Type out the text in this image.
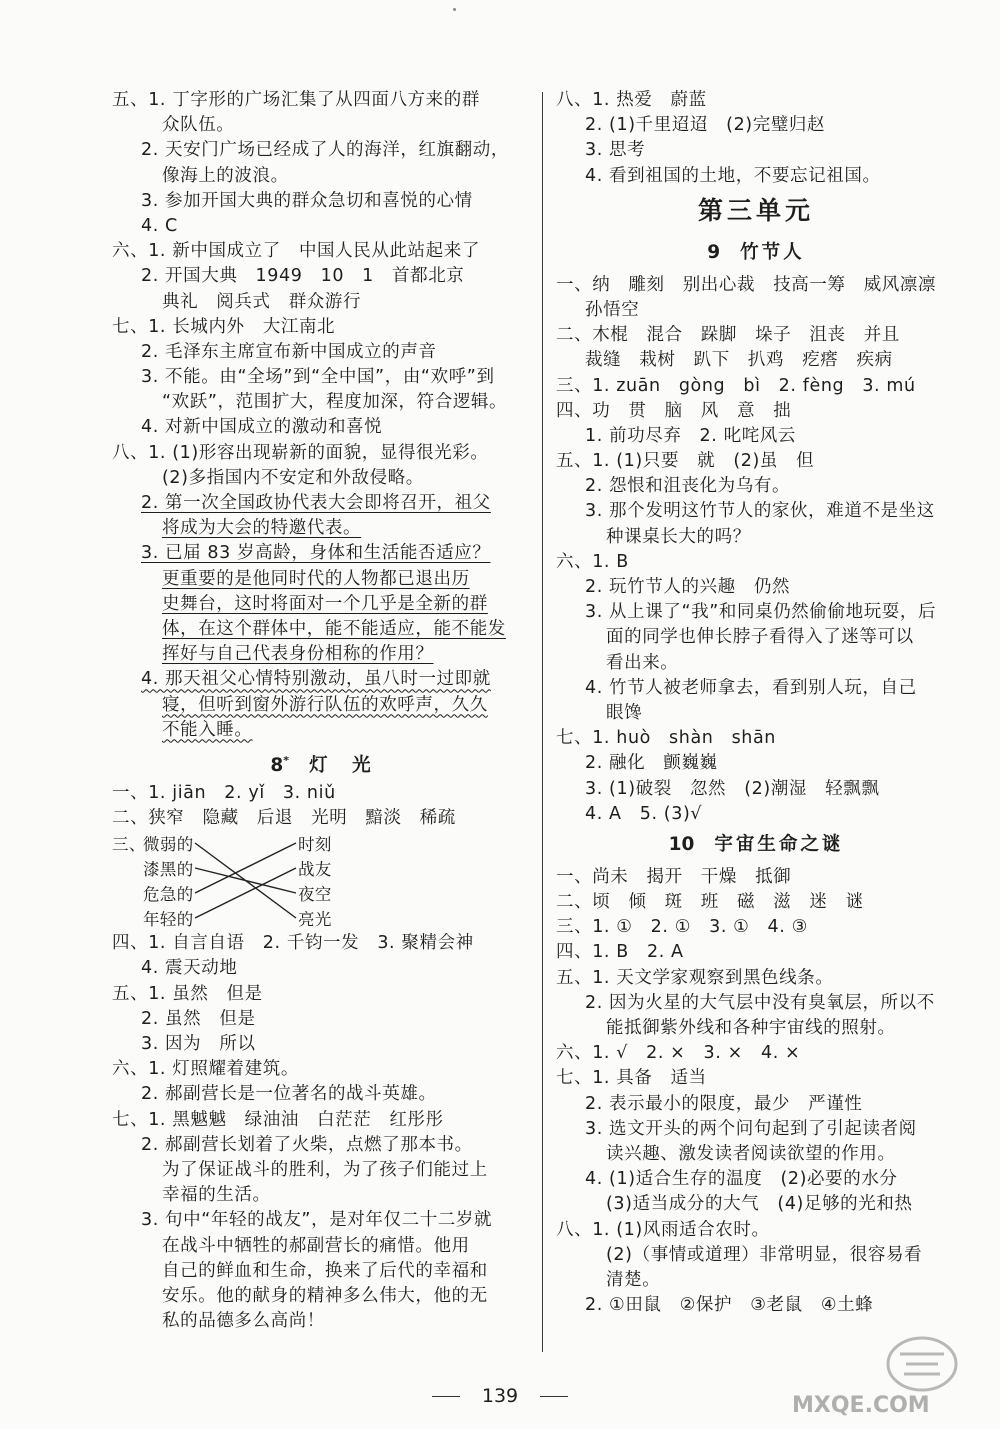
五、1. 丁字形的广场汇集了从四面八方来的群
众队伍。
2. 天安门广场已经成了人的海洋，红旗翻动，
像海上的波浪。
3. 参加开国大典的群众急切和喜悦的心情
4. C
六、1. 新中国成立了　中国人民从此站起来了
2. 开国大典　1949　10　1　首都北京
典礼　阅兵式　群众游行
七、1. 长城内外　大江南北
2. 毛泽东主席宣布新中国成立的声音
3. 不能。由“全场”到“全中国”，由“欢呼”到
“欢跃”，范围扩大，程度加深，符合逻辑。
4. 对新中国成立的激动和喜悦
八、1. (1)形容出现崭新的面貌，显得很光彩。
(2)多指国内不安定和外敌侵略。
2. 第一次全国政协代表大会即将召开，祖父
将成为大会的特邀代表。
3. 已届 83 岁高龄，身体和生活能否适应？
更重要的是他同时代的人物都已退出历
史舞台，这时将面对一个几乎是全新的群
体，在这个群体中，能不能适应，能不能发
挥好与自己代表身份相称的作用？
4. 那天祖父心情特别激动，虽八时一过即就
寝，但听到窗外游行队伍的欢呼声，久久
不能入睡。
8* 灯　光
一、1. jiān　2. yǐ　3. niǔ
二、狭窄　隐藏　后退　光明　黯淡　稀疏
三、
微弱的
漆黑的
危急的
年轻的
时刻
战友
夜空
亮光
四、1. 自言自语　2. 千钧一发　3. 聚精会神
4. 震天动地
五、1. 虽然　但是
2. 虽然　但是
3. 因为　所以
六、1. 灯照耀着建筑。
2. 郝副营长是一位著名的战斗英雄。
七、1. 黑魆魆　绿油油　白茫茫　红彤彤
2. 郝副营长划着了火柴，点燃了那本书。
为了保证战斗的胜利，为了孩子们能过上
幸福的生活。
3. 句中“年轻的战友”，是对年仅二十二岁就
在战斗中牺牲的郝副营长的痛惜。他用
自己的鲜血和生命，换来了后代的幸福和
安乐。他的献身的精神多么伟大，他的无
私的品德多么高尚！
八、1. 热爱　蔚蓝
2. (1)千里迢迢　(2)完璧归赵
3. 思考
4. 看到祖国的土地，不要忘记祖国。
第三单元
9 竹节人
一、纳　雕刻　别出心裁　技高一筹　威风凛凛
孙悟空
二、木棍　混合　跺脚　垛子　沮丧　并且
裁缝　栽树　趴下　扒鸡　疙瘩　疾病
三、1. zuān　gòng　bì　2. fèng　3. mú
四、功　贯　脑　风　意　拙
1. 前功尽弃　2. 叱咤风云
五、1. (1)只要　就　(2)虽　但
2. 怨恨和沮丧化为乌有。
3. 那个发明这竹节人的家伙，难道不是坐这
种课桌长大的吗？
六、1. B
2. 玩竹节人的兴趣　仍然
3. 从上课了“我”和同桌仍然偷偷地玩耍，后
面的同学也伸长脖子看得入了迷等可以
看出来。
4. 竹节人被老师拿去，看到别人玩，自己
眼馋
七、1. huò　shàn　shān
2. 融化　颤巍巍
3. (1)破裂　忽然　(2)潮湿　轻飘飘
4. A　5. (3)√
10 宇宙生命之谜
一、尚未　揭开　干燥　抵御
二、顷　倾　斑　班　磁　滋　迷　谜
三、1. ①　2. ①　3. ①　4. ③
四、1. B　2. A
五、1. 天文学家观察到黑色线条。
2. 因为火星的大气层中没有臭氧层，所以不
能抵御紫外线和各种宇宙线的照射。
六、1. √　2. ×　3. ×　4. ×
七、1. 具备　适当
2. 表示最小的限度，最少　严谨性
3. 选文开头的两个问句起到了引起读者阅
读兴趣、激发读者阅读欲望的作用。
4. (1)适合生存的温度　(2)必要的水分
(3)适当成分的大气　(4)足够的光和热
八、1. (1)风雨适合农时。
(2)（事情或道理）非常明显，很容易看
清楚。
2. ①田鼠　②保护　③老鼠　④土蜂
139	MXQE.COM
